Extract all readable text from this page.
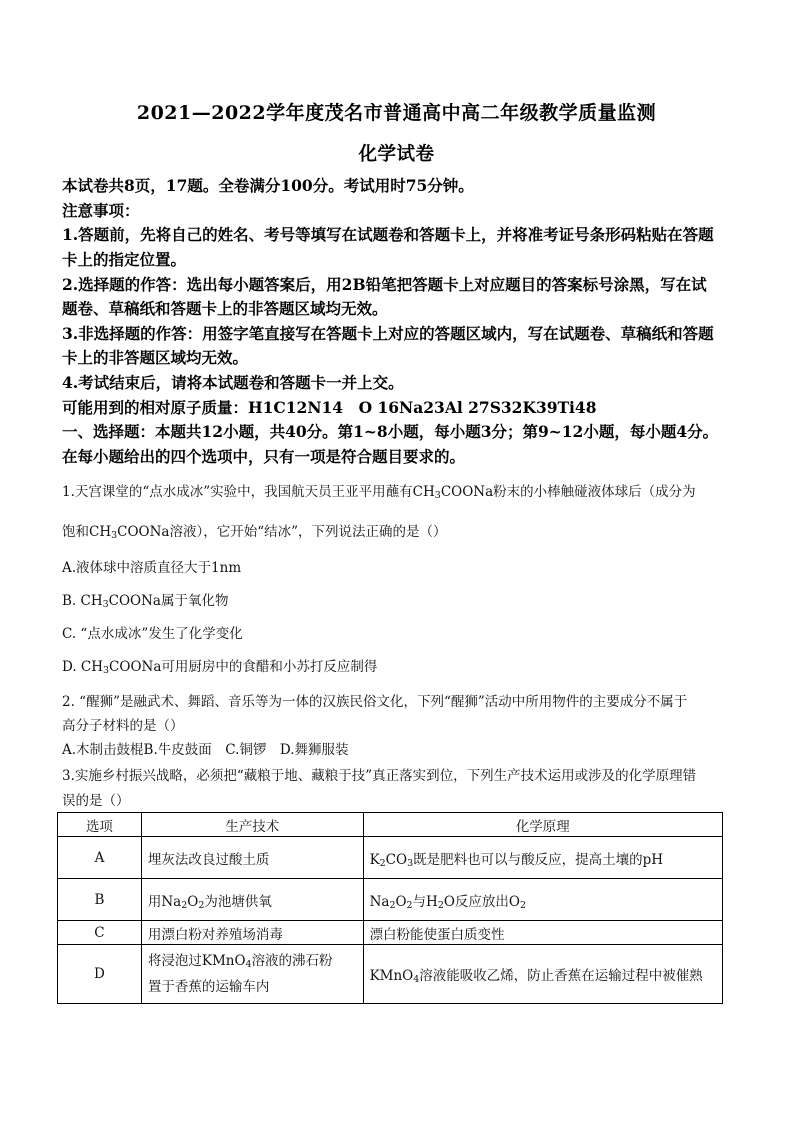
2021—2022学年度茂名市普通高中高二年级教学质量监测
化学试卷
本试卷共8页，17题。全卷满分100分。考试用时75分钟。
注意事项：
1.答题前，先将自己的姓名、考号等填写在试题卷和答题卡上，并将准考证号条形码粘贴在答题
卡上的指定位置。
2.选择题的作答：选出每小题答案后，用2B铅笔把答题卡上对应题目的答案标号涂黑，写在试
题卷、草稿纸和答题卡上的非答题区域均无效。
3.非选择题的作答：用签字笔直接写在答题卡上对应的答题区域内，写在试题卷、草稿纸和答题
卡上的非答题区域均无效。
4.考试结束后，请将本试题卷和答题卡一并上交。
可能用到的相对原子质量：H1C12N14　O 16Na23Al 27S32K39Ti48
一、选择题：本题共12小题，共40分。第1~8小题，每小题3分；第9~12小题，每小题4分。
在每小题给出的四个选项中，只有一项是符合题目要求的。
1.天宫课堂的“点水成冰”实验中，我国航天员王亚平用蘸有$CH_3COONa$粉末的小棒触碰液体球后（成分为
饱和$CH_3COONa$溶液），它开始“结冰”，下列说法正确的是（）
A.液体球中溶质直径大于1nm
B. $CH_3COONa$属于氧化物
C. “点水成冰”发生了化学变化
D. $CH_3COONa$可用厨房中的食醋和小苏打反应制得
2. “醒狮”是融武术、舞蹈、音乐等为一体的汉族民俗文化，下列“醒狮”活动中所用物件的主要成分不属于
高分子材料的是（）
A.木制击鼓棍B.牛皮鼓面　C.铜锣　D.舞狮服装
3.实施乡村振兴战略，必须把“藏粮于地、藏粮于技”真正落实到位，下列生产技术运用或涉及的化学原理错
误的是（）
选项	生产技术	化学原理
A	埋灰法改良过酸土质	$K_2CO_3$既是肥料也可以与酸反应，提高土壤的pH
B	用$Na_2O_2$为池塘供氧	$Na_2O_2$与$H_2O$反应放出$O_2$
C	用漂白粉对养殖场消毒	漂白粉能使蛋白质变性
D	将浸泡过KMnO$_4$溶液的沸石粉
置于香蕉的运输车内	KMnO$_4$溶液能吸收乙烯，防止香蕉在运输过程中被催熟
